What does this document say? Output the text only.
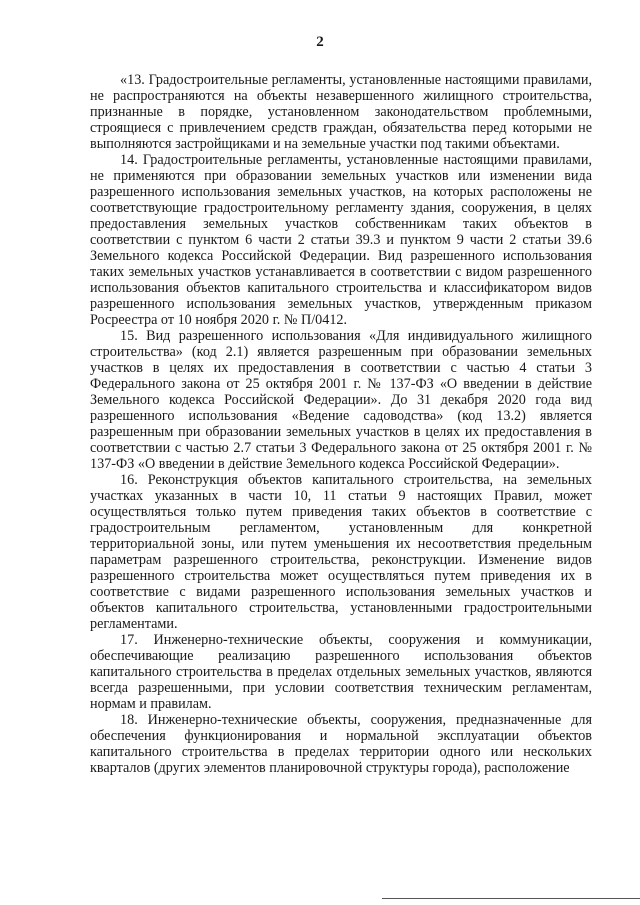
2

«13. Градостроительные регламенты, установленные настоящими правилами, не распространяются на объекты незавершенного жилищного строительства, признанные в порядке, установленном законодательством проблемными, строящиеся с привлечением средств граждан, обязательства перед которыми не выполняются застройщиками и на земельные участки под такими объектами.

14. Градостроительные регламенты, установленные настоящими правилами, не применяются при образовании земельных участков или изменении вида разрешенного использования земельных участков, на которых расположены не соответствующие градостроительному регламенту здания, сооружения, в целях предоставления земельных участков собственникам таких объектов в соответствии с пунктом 6 части 2 статьи 39.3 и пунктом 9 части 2 статьи 39.6 Земельного кодекса Российской Федерации. Вид разрешенного использования таких земельных участков устанавливается в соответствии с видом разрешенного использования объектов капитального строительства и классификатором видов разрешенного использования земельных участков, утвержденным приказом Росреестра от 10 ноября 2020 г. № П/0412.

15. Вид разрешенного использования «Для индивидуального жилищного строительства» (код 2.1) является разрешенным при образовании земельных участков в целях их предоставления в соответствии с частью 4 статьи 3 Федерального закона от 25 октября 2001 г. № 137-ФЗ «О введении в действие Земельного кодекса Российской Федерации». До 31 декабря 2020 года вид разрешенного использования «Ведение садоводства» (код 13.2) является разрешенным при образовании земельных участков в целях их предоставления в соответствии с частью 2.7 статьи 3 Федерального закона от 25 октября 2001 г. № 137-ФЗ «О введении в действие Земельного кодекса Российской Федерации».

16. Реконструкция объектов капитального строительства, на земельных участках указанных в части 10, 11 статьи 9 настоящих Правил, может осуществляться только путем приведения таких объектов в соответствие с градостроительным регламентом, установленным для конкретной территориальной зоны, или путем уменьшения их несоответствия предельным параметрам разрешенного строительства, реконструкции. Изменение видов разрешенного строительства может осуществляться путем приведения их в соответствие с видами разрешенного использования земельных участков и объектов капитального строительства, установленными градостроительными регламентами.

17. Инженерно-технические объекты, сооружения и коммуникации, обеспечивающие реализацию разрешенного использования объектов капитального строительства в пределах отдельных земельных участков, являются всегда разрешенными, при условии соответствия техническим регламентам, нормам и правилам.

18. Инженерно-технические объекты, сооружения, предназначенные для обеспечения функционирования и нормальной эксплуатации объектов капитального строительства в пределах территории одного или нескольких кварталов (других элементов планировочной структуры города), расположение
